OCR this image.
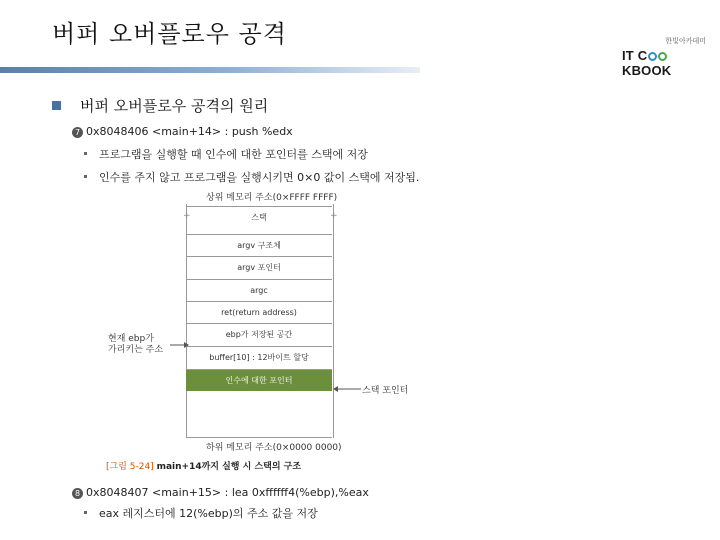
버퍼 오버플로우 공격	한빛아카데미
IT CKBOOK
버퍼 오버플로우 공격의 원리
7 0x8048406 <main+14> : push %edx
프로그램을 실행할 때 인수에 대한 포인터를 스택에 저장
인수를 주지 않고 프로그램을 실행시키면 0×0 값이 스택에 저장됨.
상위 메모리 주소(0×FFFF FFFF)
+	+
스택
argv 구조체
argv 포인터
argc
ret(return address)
ebp가 저장된 공간
buffer[10] : 12바이트 할당
인수에 대한 포인터
하위 메모리 주소(0×0000 0000)
현재 ebp가
가리키는 주소
스택 포인터
[그림 5-24] main+14까지 실행 시 스택의 구조
8 0x8048407 <main+15> : lea 0xffffff4(%ebp),%eax
eax 레지스터에 12(%ebp)의 주소 값을 저장
